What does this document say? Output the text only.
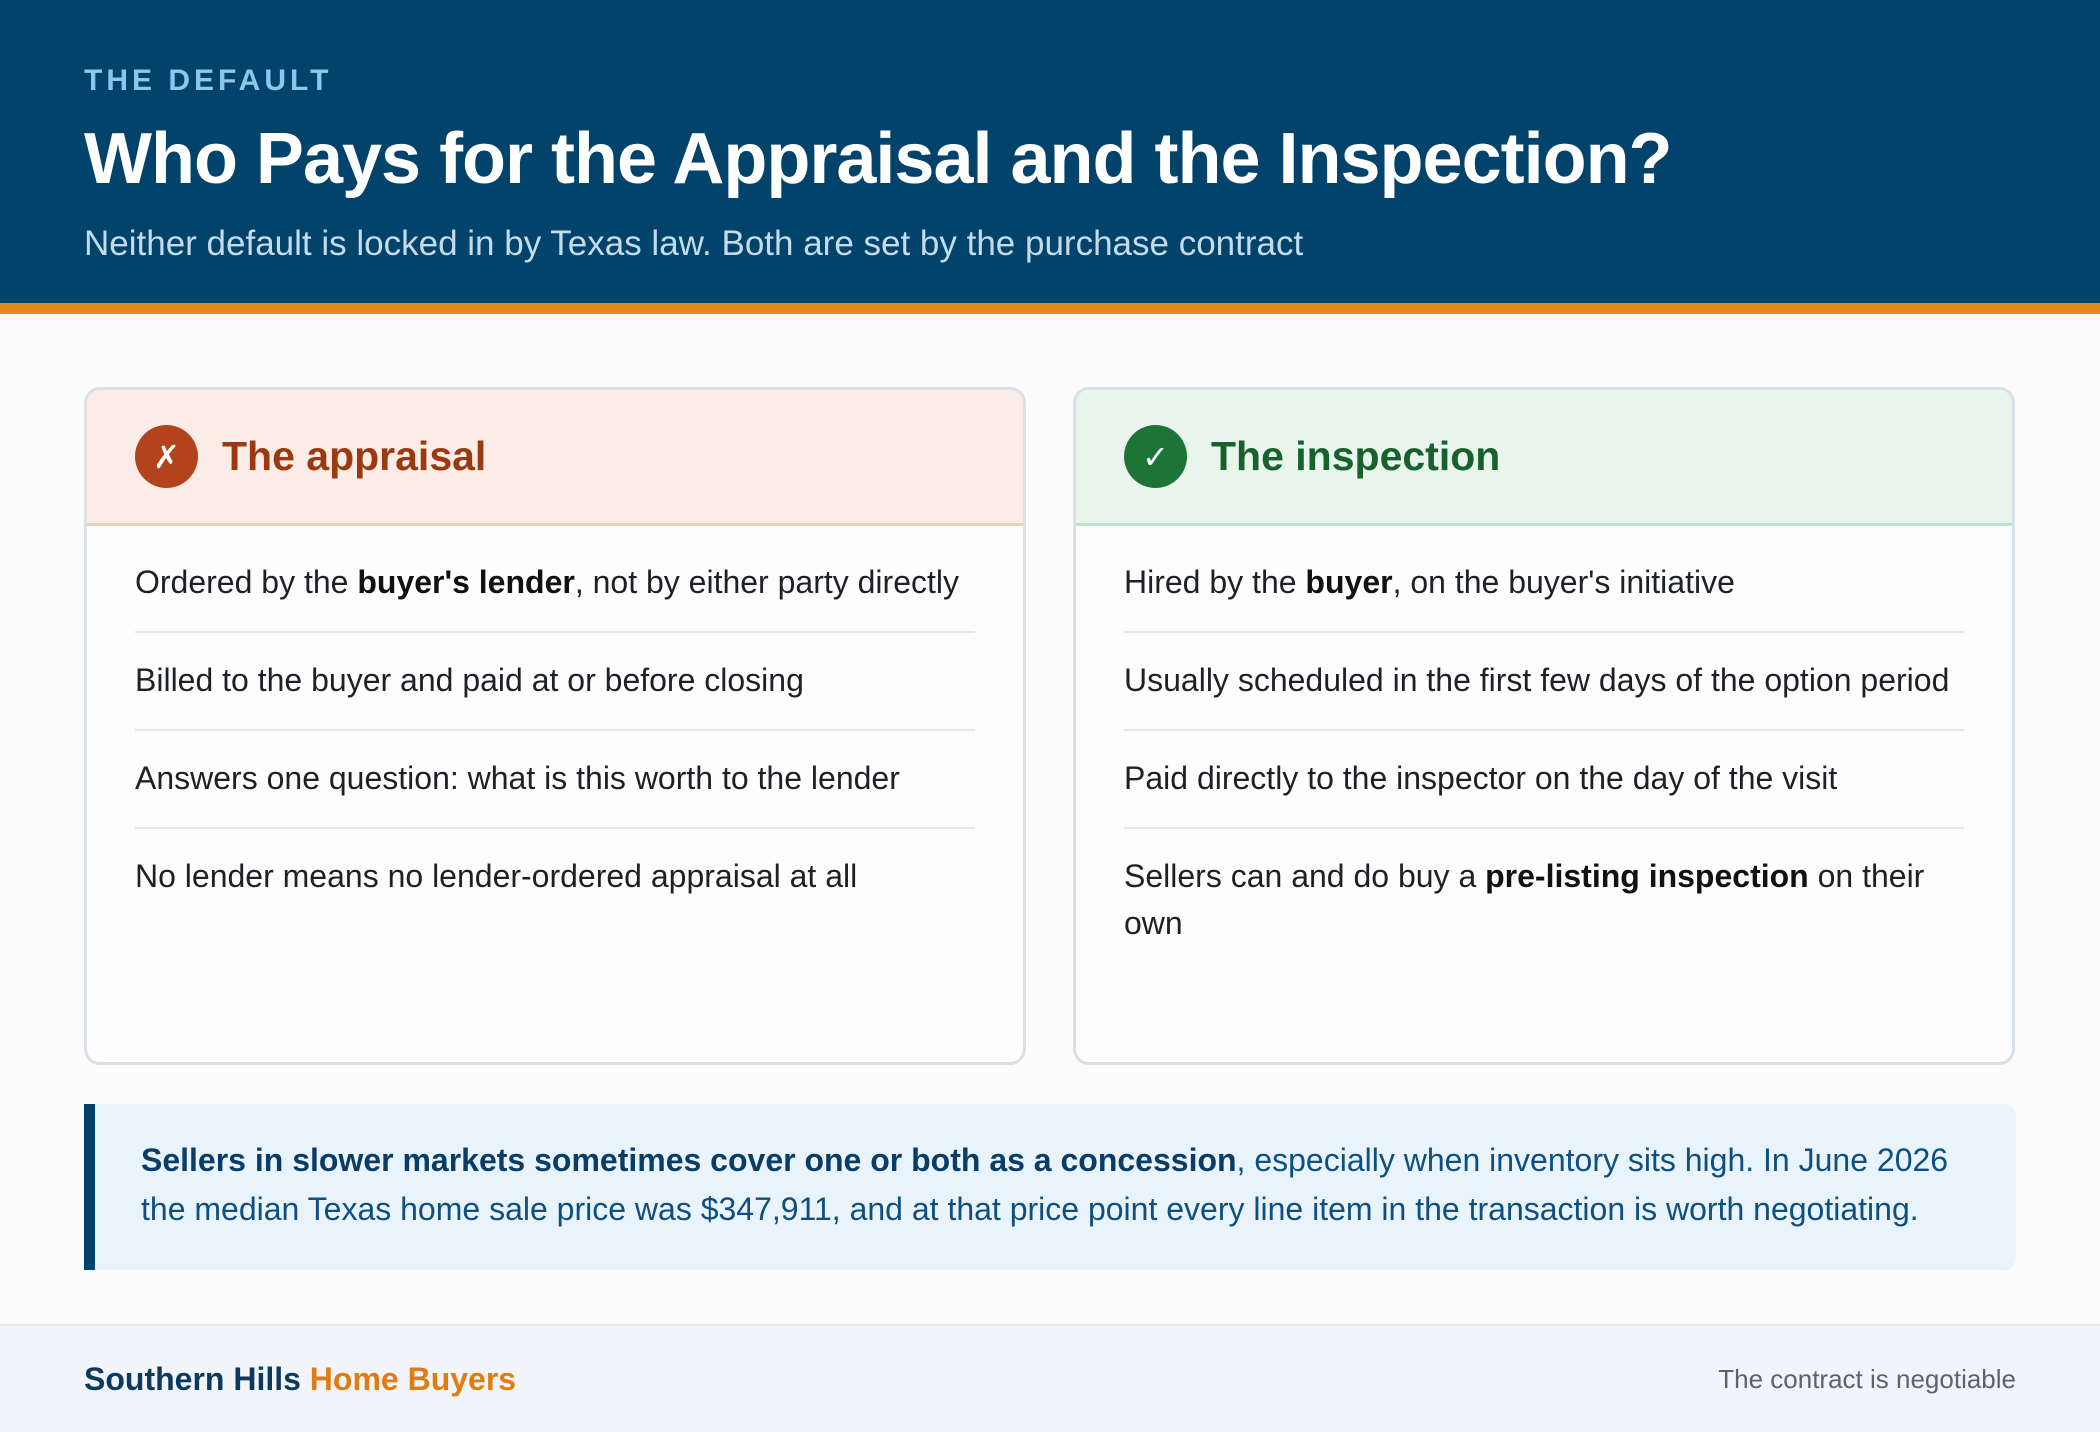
THE DEFAULT
Who Pays for the Appraisal and the Inspection?
Neither default is locked in by Texas law. Both are set by the purchase contract
✗	The appraisal
Ordered by the buyer's lender, not by either party directly
Billed to the buyer and paid at or before closing
Answers one question: what is this worth to the lender
No lender means no lender-ordered appraisal at all
✓	The inspection
Hired by the buyer, on the buyer's initiative
Usually scheduled in the first few days of the option period
Paid directly to the inspector on the day of the visit
Sellers can and do buy a pre-listing inspection on their own
Sellers in slower markets sometimes cover one or both as a concession, especially when inventory sits high. In June 2026 the median Texas home sale price was $347,911, and at that price point every line item in the transaction is worth negotiating.
Southern Hills Home Buyers	The contract is negotiable
